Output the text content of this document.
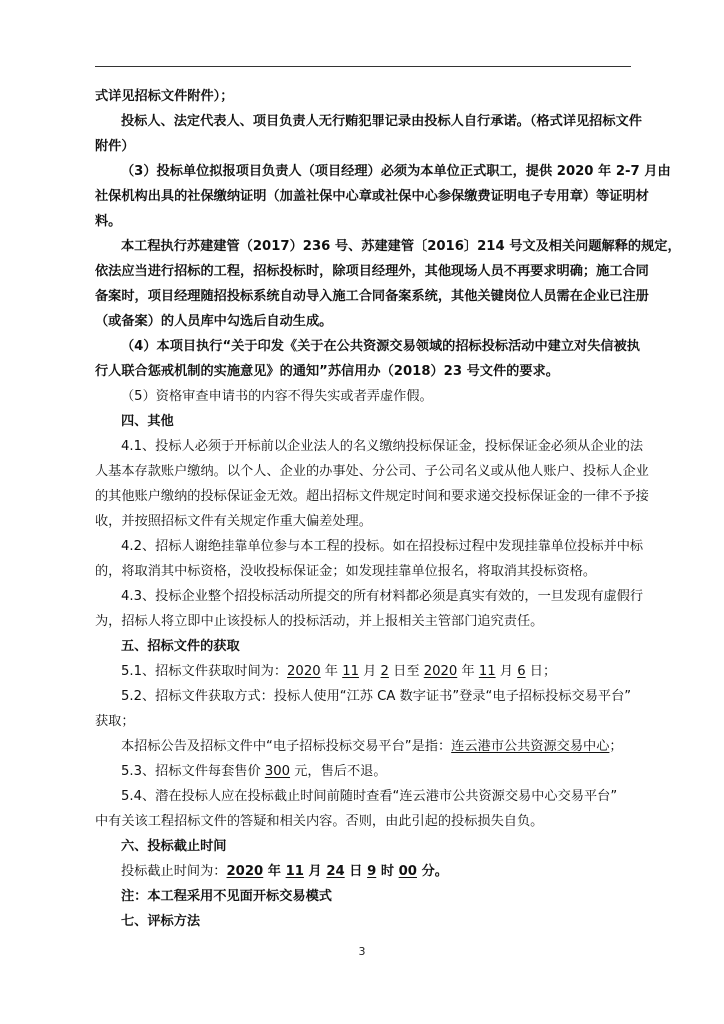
式详见招标文件附件）；
投标人、法定代表人、项目负责人无行贿犯罪记录由投标人自行承诺。（格式详见招标文件
附件）
（3）投标单位拟报项目负责人（项目经理）必须为本单位正式职工，提供 2020 年 2-7 月由
社保机构出具的社保缴纳证明（加盖社保中心章或社保中心参保缴费证明电子专用章）等证明材
料。
本工程执行苏建建管（2017）236 号、苏建建管〔2016〕214 号文及相关问题解释的规定，
依法应当进行招标的工程，招标投标时，除项目经理外，其他现场人员不再要求明确；施工合同
备案时，项目经理随招投标系统自动导入施工合同备案系统，其他关键岗位人员需在企业已注册
（或备案）的人员库中勾选后自动生成。
（4）本项目执行“关于印发《关于在公共资源交易领域的招标投标活动中建立对失信被执
行人联合惩戒机制的实施意见》的通知”苏信用办（2018）23 号文件的要求。
（5）资格审查申请书的内容不得失实或者弄虚作假。
四、其他
4.1、投标人必须于开标前以企业法人的名义缴纳投标保证金，投标保证金必须从企业的法
人基本存款账户缴纳。以个人、企业的办事处、分公司、子公司名义或从他人账户、投标人企业
的其他账户缴纳的投标保证金无效。超出招标文件规定时间和要求递交投标保证金的一律不予接
收，并按照招标文件有关规定作重大偏差处理。
4.2、招标人谢绝挂靠单位参与本工程的投标。如在招投标过程中发现挂靠单位投标并中标
的，将取消其中标资格，没收投标保证金；如发现挂靠单位报名，将取消其投标资格。
4.3、投标企业整个招投标活动所提交的所有材料都必须是真实有效的，一旦发现有虚假行
为，招标人将立即中止该投标人的投标活动，并上报相关主管部门追究责任。
五、招标文件的获取
5.1、招标文件获取时间为：2020 年 11 月 2 日至 2020 年 11 月 6 日；
5.2、招标文件获取方式：投标人使用“江苏 CA 数字证书”登录“电子招标投标交易平台”
获取；
本招标公告及招标文件中“电子招标投标交易平台”是指：连云港市公共资源交易中心；
5.3、招标文件每套售价 300 元，售后不退。
5.4、潜在投标人应在投标截止时间前随时查看“连云港市公共资源交易中心交易平台”
中有关该工程招标文件的答疑和相关内容。否则，由此引起的投标损失自负。
六、投标截止时间
投标截止时间为：2020 年 11 月 24 日 9 时 00 分。
注：本工程采用不见面开标交易模式
七、评标方法
3
